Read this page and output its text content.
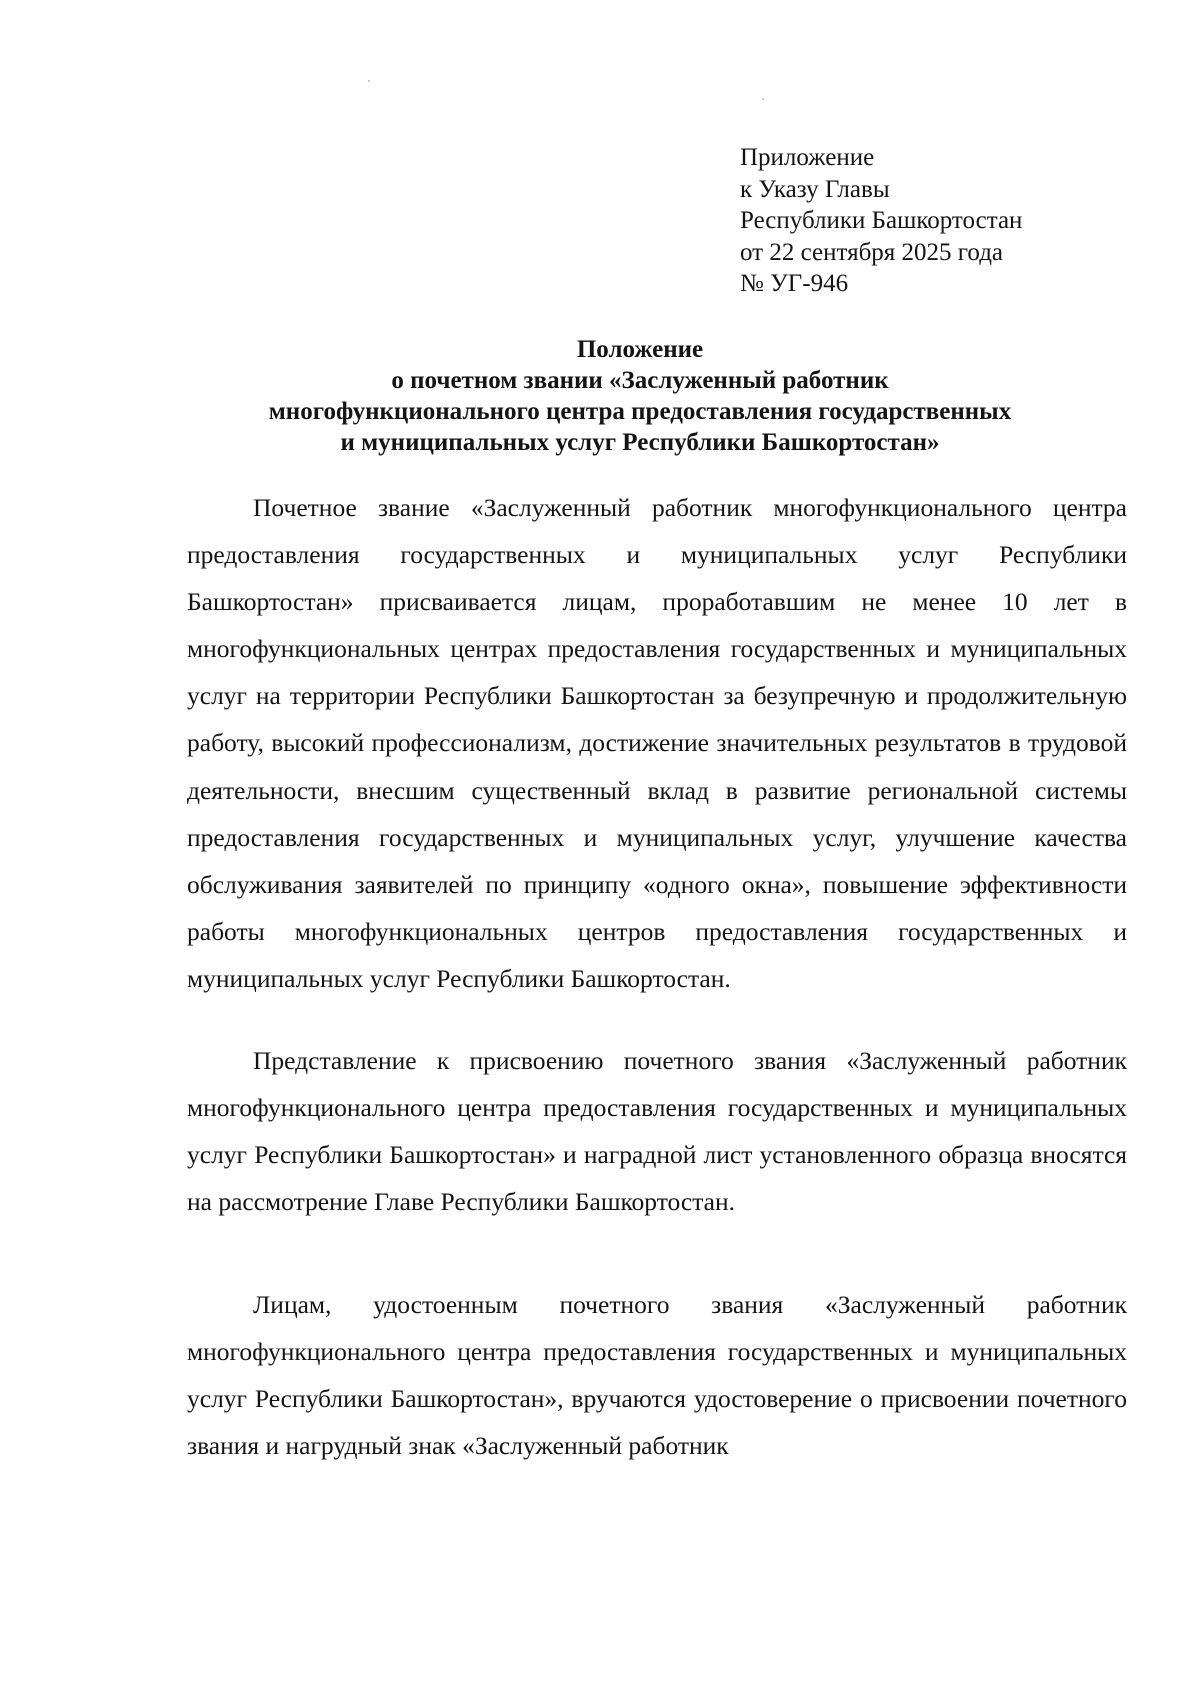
Приложение
к Указу Главы
Республики Башкортостан
от 22 сентября 2025 года
№ УГ-946
Положение
о почетном звании «Заслуженный работник
многофункционального центра предоставления государственных
и муниципальных услуг Республики Башкортостан»

Почетное звание «Заслуженный работник многофункционального центра предоставления государственных и муниципальных услуг Республики Башкортостан» присваивается лицам, проработавшим не менее 10 лет в многофункциональных центрах предоставления государственных и муниципальных услуг на территории Республики Башкортостан за безупречную и продолжительную работу, высокий профессионализм, достижение значительных результатов в трудовой деятельности, внесшим существенный вклад в развитие региональной системы предоставления государственных и муниципальных услуг, улучшение качества обслуживания заявителей по принципу «одного окна», повышение эффективности работы многофункциональных центров предоставления государственных и муниципальных услуг Республики Башкортостан.

Представление к присвоению почетного звания «Заслуженный работник многофункционального центра предоставления государственных и муниципальных услуг Республики Башкортостан» и наградной лист установленного образца вносятся на рассмотрение Главе Республики Башкортостан.

Лицам, удостоенным почетного звания «Заслуженный работник многофункционального центра предоставления государственных и муниципальных услуг Республики Башкортостан», вручаются удостоверение о присвоении почетного звания и нагрудный знак «Заслуженный работник
